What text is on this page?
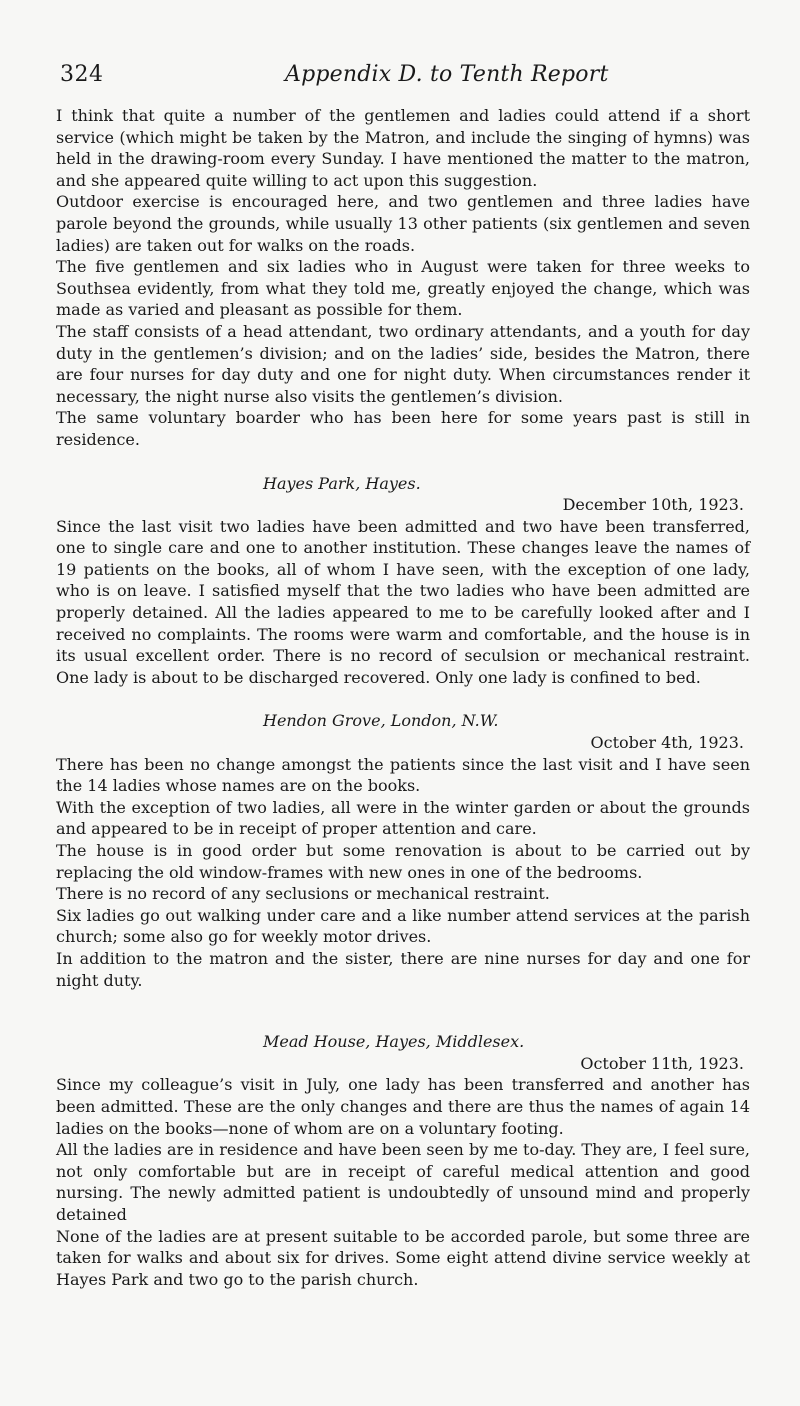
324	Appendix D. to Tenth Report

I think that quite a number of the gentlemen and ladies could attend if a short service (which might be taken by the Matron, and include the singing of hymns) was held in the drawing-room every Sunday. I have mentioned the matter to the matron, and she appeared quite willing to act upon this suggestion.

Outdoor exercise is encouraged here, and two gentlemen and three ladies have parole beyond the grounds, while usually 13 other patients (six gentlemen and seven ladies) are taken out for walks on the roads.

The five gentlemen and six ladies who in August were taken for three weeks to Southsea evidently, from what they told me, greatly enjoyed the change, which was made as varied and pleasant as possible for them.

The staff consists of a head attendant, two ordinary attendants, and a youth for day duty in the gentlemen’s division; and on the ladies’ side, besides the Matron, there are four nurses for day duty and one for night duty. When circumstances render it necessary, the night nurse also visits the gentlemen’s division.

The same voluntary boarder who has been here for some years past is still in residence.

Hayes Park, Hayes.

December 10th, 1923.

Since the last visit two ladies have been admitted and two have been transferred, one to single care and one to another institution. These changes leave the names of 19 patients on the books, all of whom I have seen, with the exception of one lady, who is on leave. I satisfied myself that the two ladies who have been admitted are properly detained. All the ladies appeared to me to be carefully looked after and I received no complaints. The rooms were warm and comfortable, and the house is in its usual excellent order. There is no record of seculsion or mechanical restraint. One lady is about to be discharged recovered. Only one lady is confined to bed.

Hendon Grove, London, N.W.

October 4th, 1923.

There has been no change amongst the patients since the last visit and I have seen the 14 ladies whose names are on the books.

With the exception of two ladies, all were in the winter garden or about the grounds and appeared to be in receipt of proper attention and care.

The house is in good order but some renovation is about to be carried out by replacing the old window-frames with new ones in one of the bedrooms.

There is no record of any seclusions or mechanical restraint.

Six ladies go out walking under care and a like number attend services at the parish church; some also go for weekly motor drives.

In addition to the matron and the sister, there are nine nurses for day and one for night duty.

Mead House, Hayes, Middlesex.

October 11th, 1923.

Since my colleague’s visit in July, one lady has been transferred and another has been admitted. These are the only changes and there are thus the names of again 14 ladies on the books—none of whom are on a voluntary footing.

All the ladies are in residence and have been seen by me to-day. They are, I feel sure, not only comfortable but are in receipt of careful medical attention and good nursing. The newly admitted patient is undoubtedly of unsound mind and properly detained

None of the ladies are at present suitable to be accorded parole, but some three are taken for walks and about six for drives. Some eight attend divine service weekly at Hayes Park and two go to the parish church.
